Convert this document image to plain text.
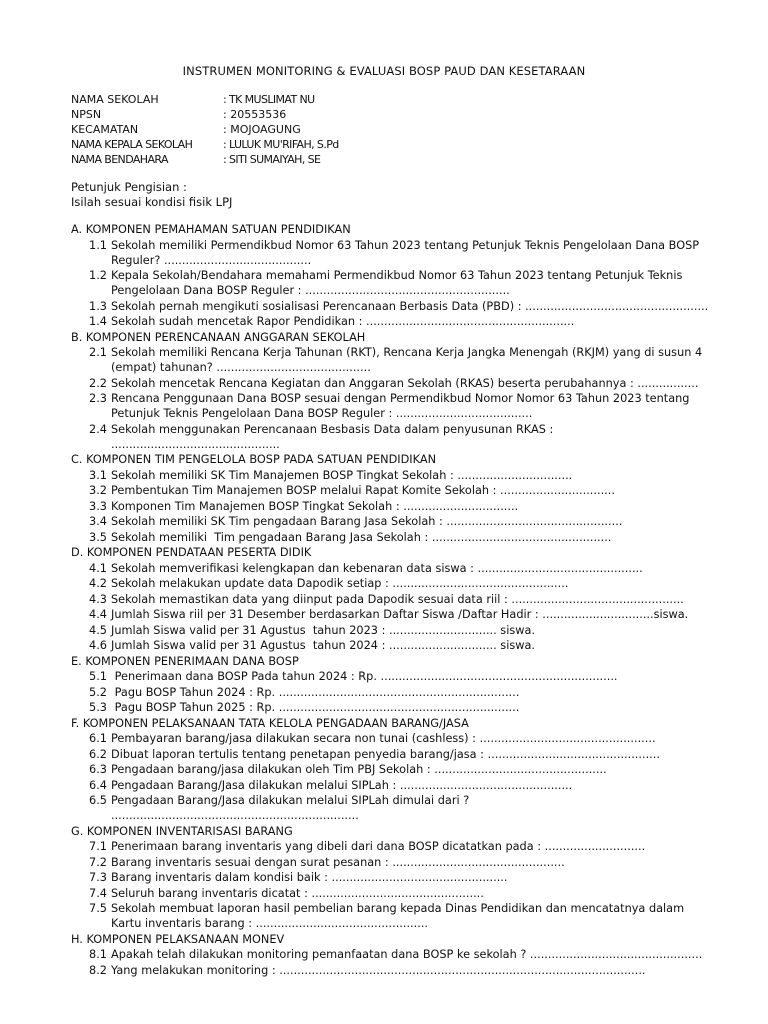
INSTRUMEN MONITORING & EVALUASI BOSP PAUD DAN KESETARAAN
NAMA SEKOLAH	: TK MUSLIMAT NU
NPSN	: 20553536
KECAMATAN	: MOJOAGUNG
NAMA KEPALA SEKOLAH	: LULUK MU'RIFAH, S.Pd
NAMA BENDAHARA	: SITI SUMAIYAH, SE
Petunjuk Pengisian :
Isilah sesuai kondisi fisik LPJ
A. KOMPONEN PEMAHAMAN SATUAN PENDIDIKAN
1.1 Sekolah memiliki Permendikbud Nomor 63 Tahun 2023 tentang Petunjuk Teknis Pengelolaan Dana BOSP Reguler? .........................................
1.2 Kepala Sekolah/Bendahara memahami Permendikbud Nomor 63 Tahun 2023 tentang Petunjuk Teknis Pengelolaan Dana BOSP Reguler : .........................................................
1.3 Sekolah pernah mengikuti sosialisasi Perencanaan Berbasis Data (PBD) : ...................................................
1.4 Sekolah sudah mencetak Rapor Pendidikan : ..........................................................
B. KOMPONEN PERENCANAAN ANGGARAN SEKOLAH
2.1 Sekolah memiliki Rencana Kerja Tahunan (RKT), Rencana Kerja Jangka Menengah (RKJM) yang di susun 4 (empat) tahunan? ...........................................
2.2 Sekolah mencetak Rencana Kegiatan dan Anggaran Sekolah (RKAS) beserta perubahannya : .................
2.3 Rencana Penggunaan Dana BOSP sesuai dengan Permendikbud Nomor Nomor 63 Tahun 2023 tentang Petunjuk Teknis Pengelolaan Dana BOSP Reguler : ......................................
2.4 Sekolah menggunakan Perencanaan Besbasis Data dalam penyusunan RKAS : ...............................................
C. KOMPONEN TIM PENGELOLA BOSP PADA SATUAN PENDIDIKAN
3.1 Sekolah memiliki SK Tim Manajemen BOSP Tingkat Sekolah : ................................
3.2 Pembentukan Tim Manajemen BOSP melalui Rapat Komite Sekolah : ................................
3.3 Komponen Tim Manajemen BOSP Tingkat Sekolah : ................................
3.4 Sekolah memiliki SK Tim pengadaan Barang Jasa Sekolah : .................................................
3.5 Sekolah memiliki  Tim pengadaan Barang Jasa Sekolah : ..................................................
D. KOMPONEN PENDATAAN PESERTA DIDIK
4.1 Sekolah memverifikasi kelengkapan dan kebenaran data siswa : ..............................................
4.2 Sekolah melakukan update data Dapodik setiap : .................................................
4.3 Sekolah memastikan data yang diinput pada Dapodik sesuai data riil : ................................................
4.4 Jumlah Siswa riil per 31 Desember berdasarkan Daftar Siswa /Daftar Hadir : ...............................siswa.
4.5 Jumlah Siswa valid per 31 Agustus  tahun 2023 : .............................. siswa.
4.6 Jumlah Siswa valid per 31 Agustus  tahun 2024 : .............................. siswa.
E. KOMPONEN PENERIMAAN DANA BOSP
5.1 Penerimaan dana BOSP Pada tahun 2024 : Rp. ..................................................................
5.2 Pagu BOSP Tahun 2024 : Rp. ...................................................................
5.3 Pagu BOSP Tahun 2025 : Rp. ...................................................................
F. KOMPONEN PELAKSANAAN TATA KELOLA PENGADAAN BARANG/JASA
6.1 Pembayaran barang/jasa dilakukan secara non tunai (cashless) : .................................................
6.2 Dibuat laporan tertulis tentang penetapan penyedia barang/jasa : ................................................
6.3 Pengadaan barang/jasa dilakukan oleh Tim PBJ Sekolah : ................................................
6.4 Pengadaan Barang/Jasa dilakukan melalui SIPLah : ................................................
6.5 Pengadaan Barang/Jasa dilakukan melalui SIPLah dimulai dari ? .....................................................................
G. KOMPONEN INVENTARISASI BARANG
7.1 Penerimaan barang inventaris yang dibeli dari dana BOSP dicatatkan pada : ............................
7.2 Barang inventaris sesuai dengan surat pesanan : ................................................
7.3 Barang inventaris dalam kondisi baik : .................................................
7.4 Seluruh barang inventaris dicatat : ................................................
7.5 Sekolah membuat laporan hasil pembelian barang kepada Dinas Pendidikan dan mencatatnya dalam Kartu inventaris barang : ................................................
H. KOMPONEN PELAKSANAAN MONEV
8.1 Apakah telah dilakukan monitoring pemanfaatan dana BOSP ke sekolah ? ................................................
8.2 Yang melakukan monitoring : ......................................................................................................
